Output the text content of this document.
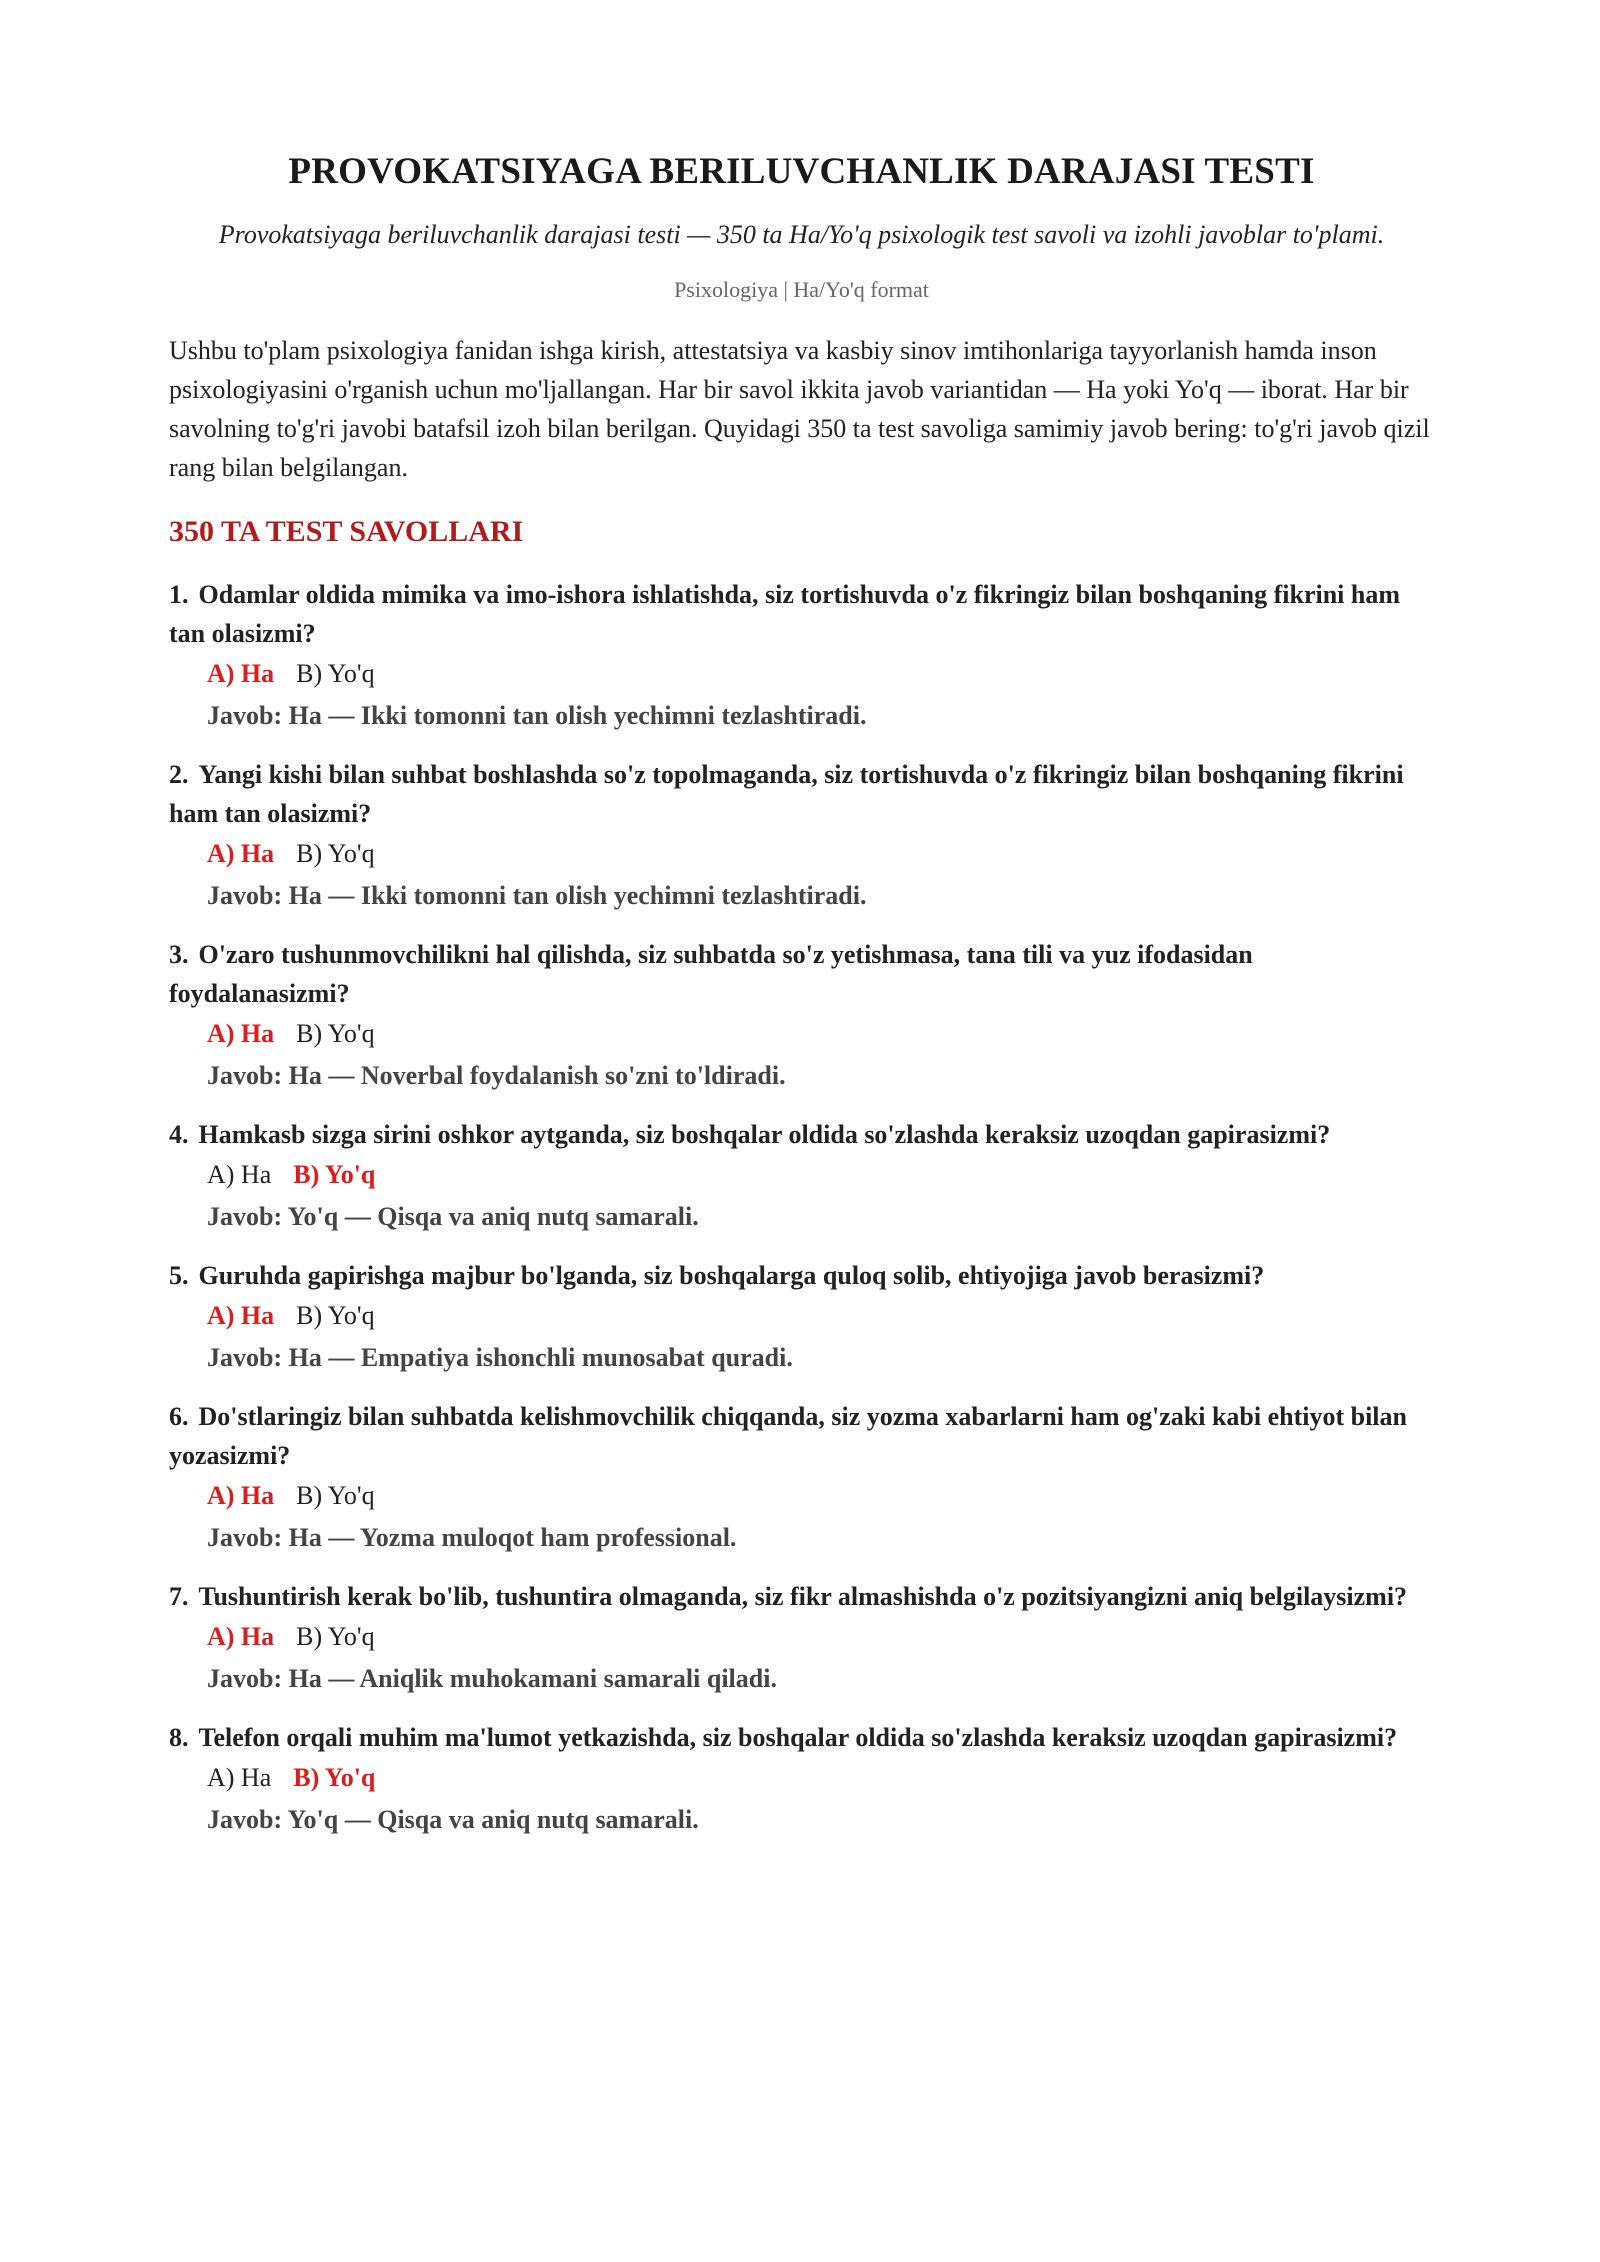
PROVOKATSIYAGA BERILUVCHANLIK DARAJASI TESTI
Provokatsiyaga beriluvchanlik darajasi testi — 350 ta Ha/Yo'q psixologik test savoli va izohli javoblar to'plami.
Psixologiya | Ha/Yo'q format
Ushbu to'plam psixologiya fanidan ishga kirish, attestatsiya va kasbiy sinov imtihonlariga tayyorlanish hamda inson psixologiyasini o'rganish uchun mo'ljallangan. Har bir savol ikkita javob variantidan — Ha yoki Yo'q — iborat. Har bir savolning to'g'ri javobi batafsil izoh bilan berilgan. Quyidagi 350 ta test savoliga samimiy javob bering: to'g'ri javob qizil rang bilan belgilangan.
350 TA TEST SAVOLLARI
1. Odamlar oldida mimika va imo-ishora ishlatishda, siz tortishuvda o'z fikringiz bilan boshqaning fikrini ham tan olasizmi?
A) Ha B) Yo'q
Javob: Ha — Ikki tomonni tan olish yechimni tezlashtiradi.
2. Yangi kishi bilan suhbat boshlashda so'z topolmaganda, siz tortishuvda o'z fikringiz bilan boshqaning fikrini ham tan olasizmi?
A) Ha B) Yo'q
Javob: Ha — Ikki tomonni tan olish yechimni tezlashtiradi.
3. O'zaro tushunmovchilikni hal qilishda, siz suhbatda so'z yetishmasa, tana tili va yuz ifodasidan foydalanasizmi?
A) Ha B) Yo'q
Javob: Ha — Noverbal foydalanish so'zni to'ldiradi.
4. Hamkasb sizga sirini oshkor aytganda, siz boshqalar oldida so'zlashda keraksiz uzoqdan gapirasizmi?
A) Ha B) Yo'q
Javob: Yo'q — Qisqa va aniq nutq samarali.
5. Guruhda gapirishga majbur bo'lganda, siz boshqalarga quloq solib, ehtiyojiga javob berasizmi?
A) Ha B) Yo'q
Javob: Ha — Empatiya ishonchli munosabat quradi.
6. Do'stlaringiz bilan suhbatda kelishmovchilik chiqqanda, siz yozma xabarlarni ham og'zaki kabi ehtiyot bilan yozasizmi?
A) Ha B) Yo'q
Javob: Ha — Yozma muloqot ham professional.
7. Tushuntirish kerak bo'lib, tushuntira olmaganda, siz fikr almashishda o'z pozitsiyangizni aniq belgilaysizmi?
A) Ha B) Yo'q
Javob: Ha — Aniqlik muhokamani samarali qiladi.
8. Telefon orqali muhim ma'lumot yetkazishda, siz boshqalar oldida so'zlashda keraksiz uzoqdan gapirasizmi?
A) Ha B) Yo'q
Javob: Yo'q — Qisqa va aniq nutq samarali.
